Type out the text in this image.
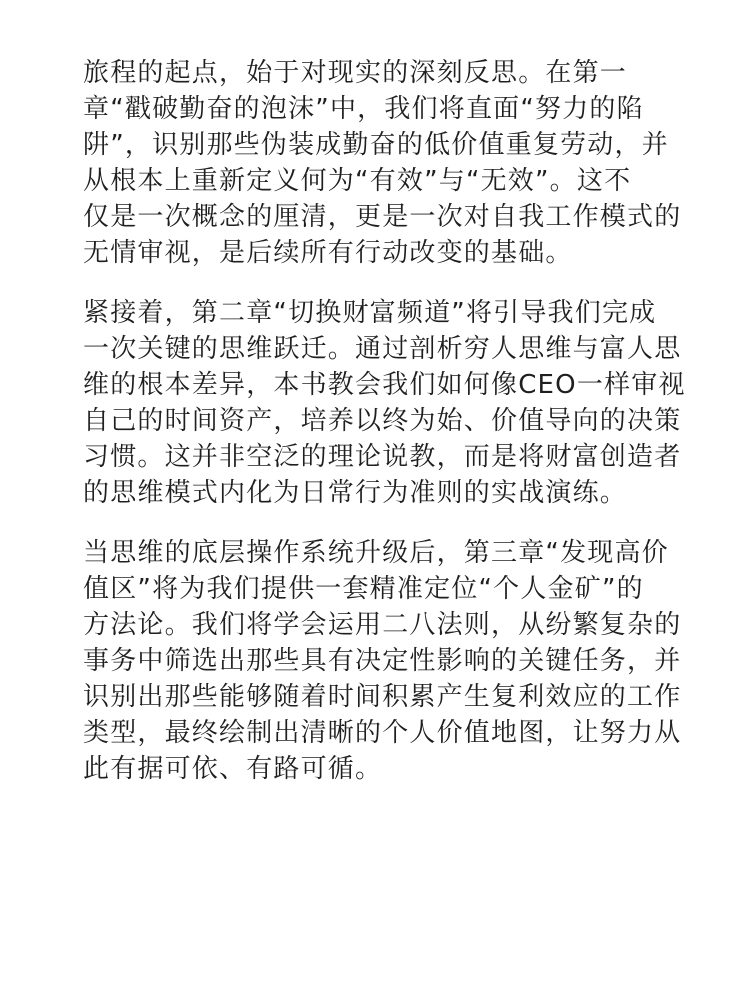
旅程的起点，始于对现实的深刻反思。在第一

章“戳破勤奋的泡沫”中，我们将直面“努力的陷

阱”，识别那些伪装成勤奋的低价值重复劳动，并

从根本上重新定义何为“有效”与“无效”。这不

仅是一次概念的厘清，更是一次对自我工作模式的

无情审视，是后续所有行动改变的基础。

紧接着，第二章“切换财富频道”将引导我们完成

一次关键的思维跃迁。通过剖析穷人思维与富人思

维的根本差异，本书教会我们如何像CEO一样审视

自己的时间资产，培养以终为始、价值导向的决策

习惯。这并非空泛的理论说教，而是将财富创造者

的思维模式内化为日常行为准则的实战演练。

当思维的底层操作系统升级后，第三章“发现高价

值区”将为我们提供一套精准定位“个人金矿”的

方法论。我们将学会运用二八法则，从纷繁复杂的

事务中筛选出那些具有决定性影响的关键任务，并

识别出那些能够随着时间积累产生复利效应的工作

类型，最终绘制出清晰的个人价值地图，让努力从

此有据可依、有路可循。
